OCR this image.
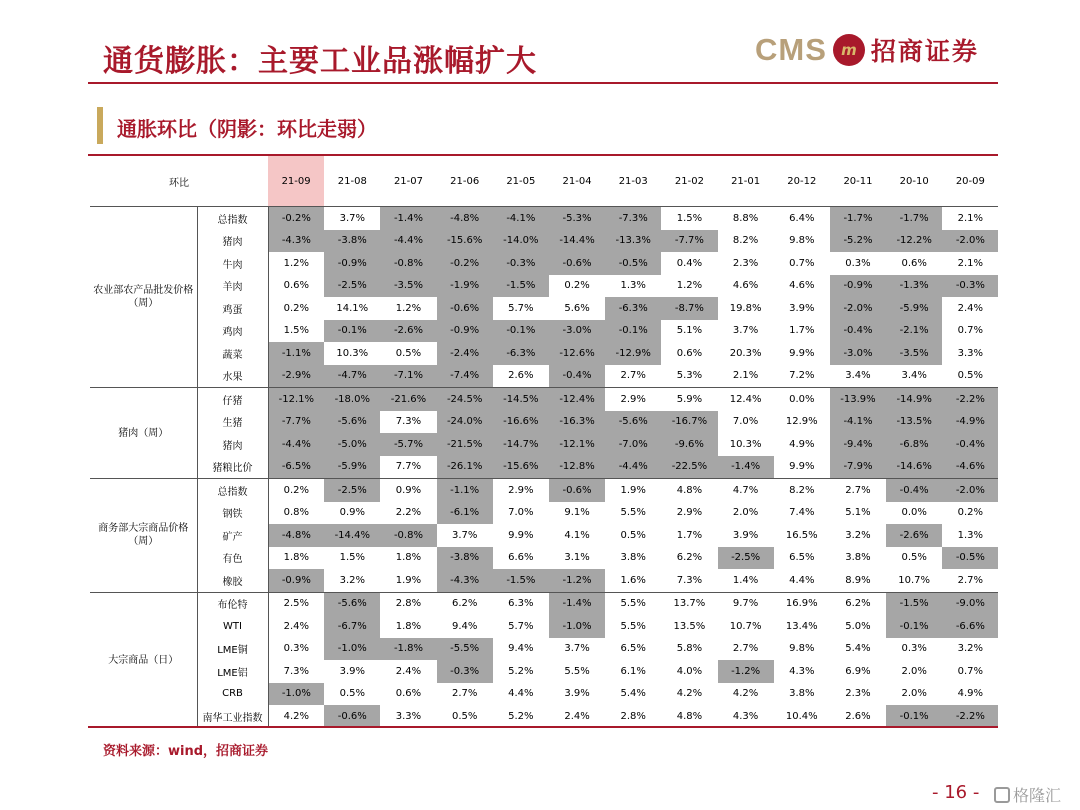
通货膨胀：主要工业品涨幅扩大	CMS m 招商证券
通胀环比（阴影：环比走弱）
环比		21-09	21-08	21-07	21-06	21-05	21-04	21-03	21-02	21-01	20-12	20-11	20-10	20-09
农业部农产品批发价格（周）	总指数	-0.2%	3.7%	-1.4%	-4.8%	-4.1%	-5.3%	-7.3%	1.5%	8.8%	6.4%	-1.7%	-1.7%	2.1%
	猪肉	-4.3%	-3.8%	-4.4%	-15.6%	-14.0%	-14.4%	-13.3%	-7.7%	8.2%	9.8%	-5.2%	-12.2%	-2.0%
	牛肉	1.2%	-0.9%	-0.8%	-0.2%	-0.3%	-0.6%	-0.5%	0.4%	2.3%	0.7%	0.3%	0.6%	2.1%
	羊肉	0.6%	-2.5%	-3.5%	-1.9%	-1.5%	0.2%	1.3%	1.2%	4.6%	4.6%	-0.9%	-1.3%	-0.3%
	鸡蛋	0.2%	14.1%	1.2%	-0.6%	5.7%	5.6%	-6.3%	-8.7%	19.8%	3.9%	-2.0%	-5.9%	2.4%
	鸡肉	1.5%	-0.1%	-2.6%	-0.9%	-0.1%	-3.0%	-0.1%	5.1%	3.7%	1.7%	-0.4%	-2.1%	0.7%
	蔬菜	-1.1%	10.3%	0.5%	-2.4%	-6.3%	-12.6%	-12.9%	0.6%	20.3%	9.9%	-3.0%	-3.5%	3.3%
	水果	-2.9%	-4.7%	-7.1%	-7.4%	2.6%	-0.4%	2.7%	5.3%	2.1%	7.2%	3.4%	3.4%	0.5%
猪肉（周）	仔猪	-12.1%	-18.0%	-21.6%	-24.5%	-14.5%	-12.4%	2.9%	5.9%	12.4%	0.0%	-13.9%	-14.9%	-2.2%
	生猪	-7.7%	-5.6%	7.3%	-24.0%	-16.6%	-16.3%	-5.6%	-16.7%	7.0%	12.9%	-4.1%	-13.5%	-4.9%
	猪肉	-4.4%	-5.0%	-5.7%	-21.5%	-14.7%	-12.1%	-7.0%	-9.6%	10.3%	4.9%	-9.4%	-6.8%	-0.4%
	猪粮比价	-6.5%	-5.9%	7.7%	-26.1%	-15.6%	-12.8%	-4.4%	-22.5%	-1.4%	9.9%	-7.9%	-14.6%	-4.6%
商务部大宗商品价格（周）	总指数	0.2%	-2.5%	0.9%	-1.1%	2.9%	-0.6%	1.9%	4.8%	4.7%	8.2%	2.7%	-0.4%	-2.0%
	钢铁	0.8%	0.9%	2.2%	-6.1%	7.0%	9.1%	5.5%	2.9%	2.0%	7.4%	5.1%	0.0%	0.2%
	矿产	-4.8%	-14.4%	-0.8%	3.7%	9.9%	4.1%	0.5%	1.7%	3.9%	16.5%	3.2%	-2.6%	1.3%
	有色	1.8%	1.5%	1.8%	-3.8%	6.6%	3.1%	3.8%	6.2%	-2.5%	6.5%	3.8%	0.5%	-0.5%
	橡胶	-0.9%	3.2%	1.9%	-4.3%	-1.5%	-1.2%	1.6%	7.3%	1.4%	4.4%	8.9%	10.7%	2.7%
大宗商品（日）	布伦特	2.5%	-5.6%	2.8%	6.2%	6.3%	-1.4%	5.5%	13.7%	9.7%	16.9%	6.2%	-1.5%	-9.0%
	WTI	2.4%	-6.7%	1.8%	9.4%	5.7%	-1.0%	5.5%	13.5%	10.7%	13.4%	5.0%	-0.1%	-6.6%
	LME铜	0.3%	-1.0%	-1.8%	-5.5%	9.4%	3.7%	6.5%	5.8%	2.7%	9.8%	5.4%	0.3%	3.2%
	LME铝	7.3%	3.9%	2.4%	-0.3%	5.2%	5.5%	6.1%	4.0%	-1.2%	4.3%	6.9%	2.0%	0.7%
	CRB	-1.0%	0.5%	0.6%	2.7%	4.4%	3.9%	5.4%	4.2%	4.2%	3.8%	2.3%	2.0%	4.9%
	南华工业指数	4.2%	-0.6%	3.3%	0.5%	5.2%	2.4%	2.8%	4.8%	4.3%	10.4%	2.6%	-0.1%	-2.2%
资料来源：wind，招商证券
- 16 - 格隆汇
